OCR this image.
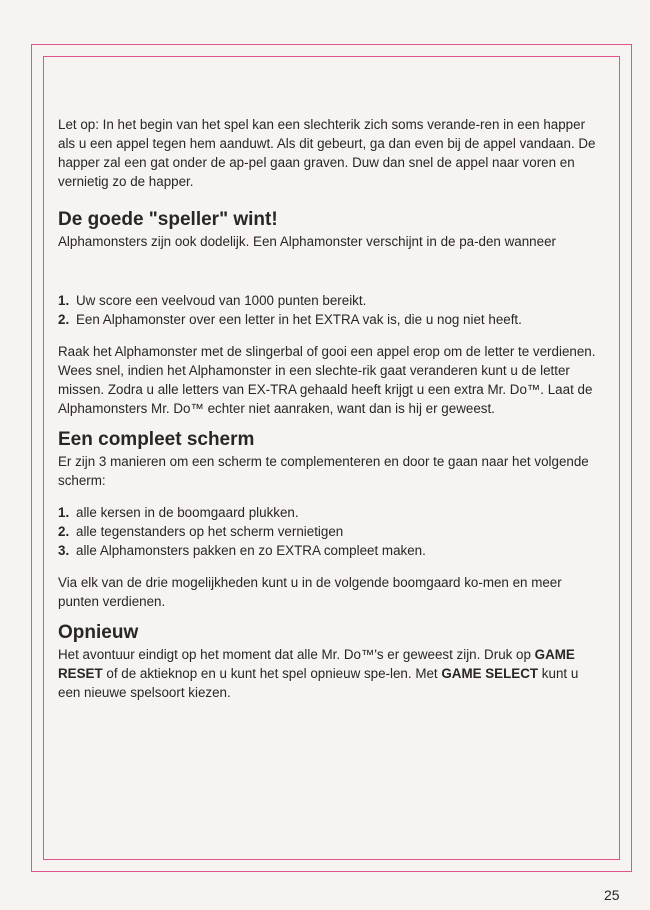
Let op: In het begin van het spel kan een slechterik zich soms verande-ren in een happer als u een appel tegen hem aanduwt. Als dit gebeurt, ga dan even bij de appel vandaan. De happer zal een gat onder de ap-pel gaan graven. Duw dan snel de appel naar voren en vernietig zo de happer.

De goede "speller" wint!

Alphamonsters zijn ook dodelijk. Een Alphamonster verschijnt in de pa-den wanneer

1. Uw score een veelvoud van 1000 punten bereikt.
2. Een Alphamonster over een letter in het EXTRA vak is, die u nog niet heeft.

Raak het Alphamonster met de slingerbal of gooi een appel erop om de letter te verdienen. Wees snel, indien het Alphamonster in een slechte-rik gaat veranderen kunt u de letter missen. Zodra u alle letters van EX-TRA gehaald heeft krijgt u een extra Mr. Do™. Laat de Alphamonsters Mr. Do™ echter niet aanraken, want dan is hij er geweest.

Een compleet scherm

Er zijn 3 manieren om een scherm te complementeren en door te gaan naar het volgende scherm:

1. alle kersen in de boomgaard plukken.
2. alle tegenstanders op het scherm vernietigen
3. alle Alphamonsters pakken en zo EXTRA compleet maken.

Via elk van de drie mogelijkheden kunt u in de volgende boomgaard ko-men en meer punten verdienen.

Opnieuw

Het avontuur eindigt op het moment dat alle Mr. Do™'s er geweest zijn. Druk op GAME RESET of de aktieknop en u kunt het spel opnieuw spe-len. Met GAME SELECT kunt u een nieuwe spelsoort kiezen.

25
